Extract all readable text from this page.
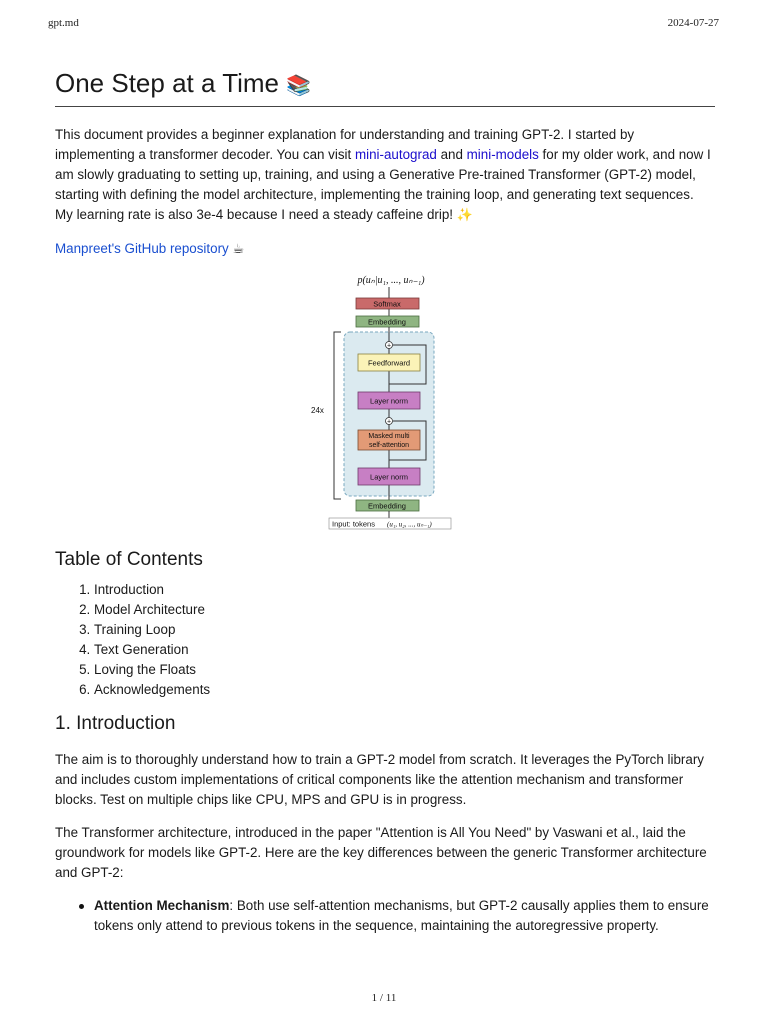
gpt.md	2024-07-27
One Step at a Time 📚

This document provides a beginner explanation for understanding and training GPT-2. I started by implementing a transformer decoder. You can visit mini-autograd and mini-models for my older work, and now I am slowly graduating to setting up, training, and using a Generative Pre-trained Transformer (GPT-2) model, starting with defining the model architecture, implementing the training loop, and generating text sequences. My learning rate is also 3e-4 because I need a steady caffeine drip! ✨

Manpreet's GitHub repository ☕

p(uₙ|u₁, ..., uₙ₋₁)
Softmax
Embedding
24x
+
Feedforward
Layer norm
+
Masked multi
self-attention
Layer norm
Embedding
Input: tokens (u₁, u₂, ..., uₙ₋₁)
Table of Contents
1. Introduction
2. Model Architecture
3. Training Loop
4. Text Generation
5. Loving the Floats
6. Acknowledgements
1. Introduction

The aim is to thoroughly understand how to train a GPT-2 model from scratch. It leverages the PyTorch library and includes custom implementations of critical components like the attention mechanism and transformer blocks. Test on multiple chips like CPU, MPS and GPU is in progress.

The Transformer architecture, introduced in the paper "Attention is All You Need" by Vaswani et al., laid the groundwork for models like GPT-2. Here are the key differences between the generic Transformer architecture and GPT-2:

Attention Mechanism: Both use self-attention mechanisms, but GPT-2 causally applies them to ensure tokens only attend to previous tokens in the sequence, maintaining the autoregressive property.
1 / 11
